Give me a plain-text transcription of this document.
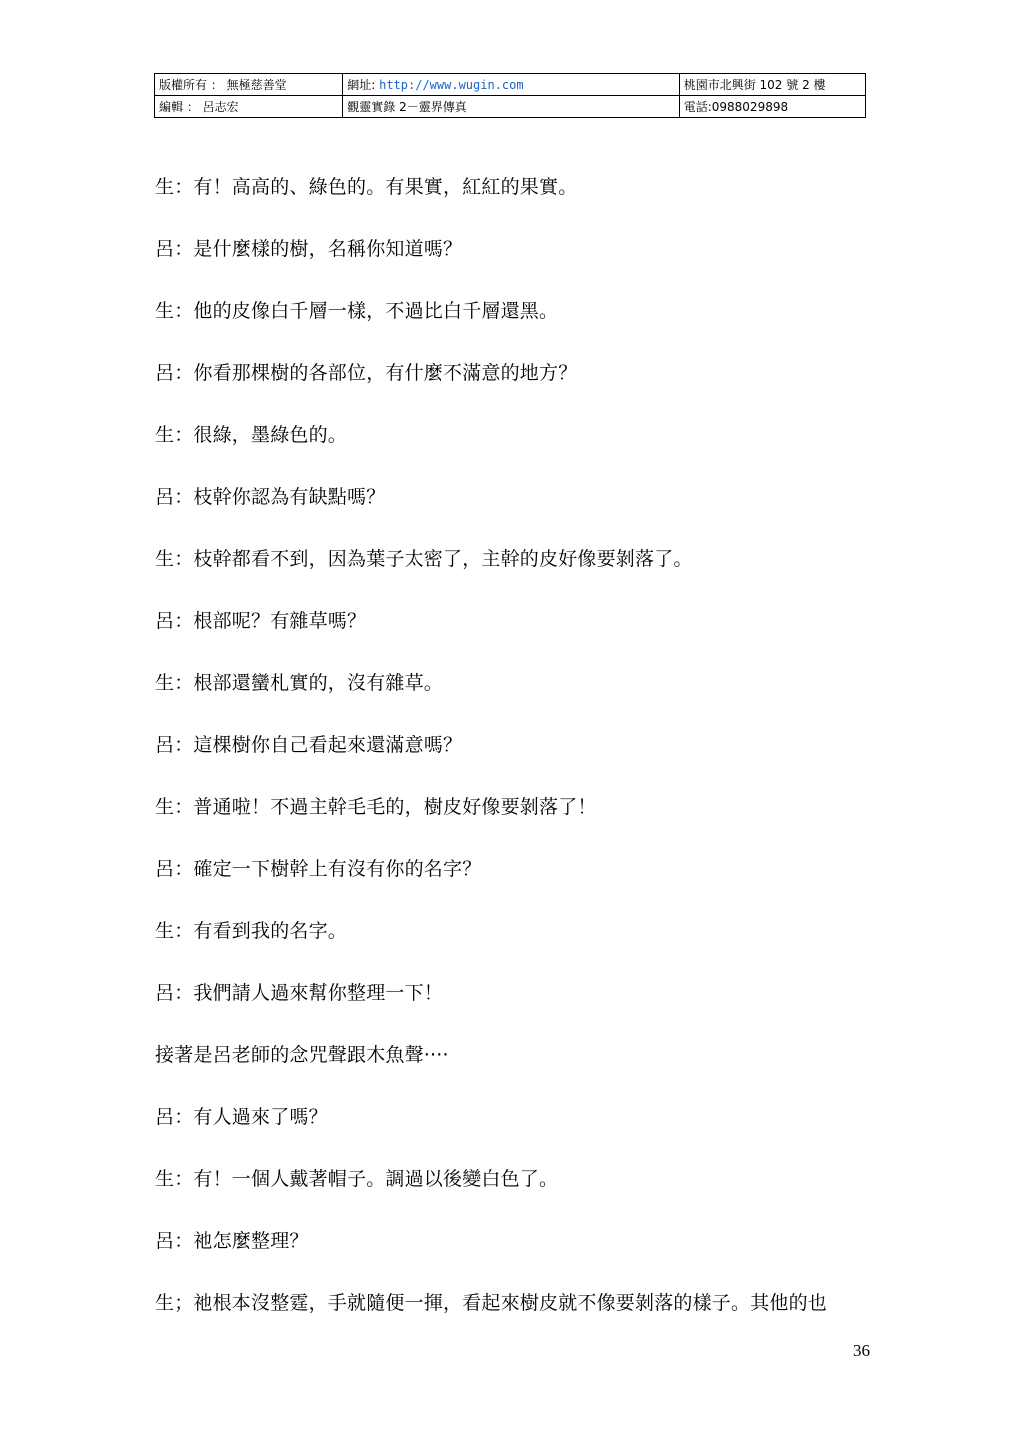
版權所有 ： 無極慈善堂	網址: http://www.wugin.com	桃園市北興街 102 號 2 樓
編輯 ： 呂志宏	觀靈實錄 2－靈界傳真	電話:0988029898
生：有！高高的、綠色的。有果實，紅紅的果實。
呂：是什麼樣的樹，名稱你知道嗎？
生：他的皮像白千層一樣，不過比白千層還黑。
呂：你看那棵樹的各部位，有什麼不滿意的地方？
生：很綠，墨綠色的。
呂：枝幹你認為有缺點嗎？
生：枝幹都看不到，因為葉子太密了，主幹的皮好像要剝落了。
呂：根部呢？有雜草嗎？
生：根部還蠻札實的，沒有雜草。
呂：這棵樹你自己看起來還滿意嗎？
生：普通啦！不過主幹毛毛的，樹皮好像要剝落了！
呂：確定一下樹幹上有沒有你的名字？
生：有看到我的名字。
呂：我們請人過來幫你整理一下！
接著是呂老師的念咒聲跟木魚聲‧‧‧‧
呂：有人過來了嗎？
生：有！一個人戴著帽子。調過以後變白色了。
呂：祂怎麼整理？
生；祂根本沒整霆，手就隨便一揮，看起來樹皮就不像要剝落的樣子。其他的也
36
